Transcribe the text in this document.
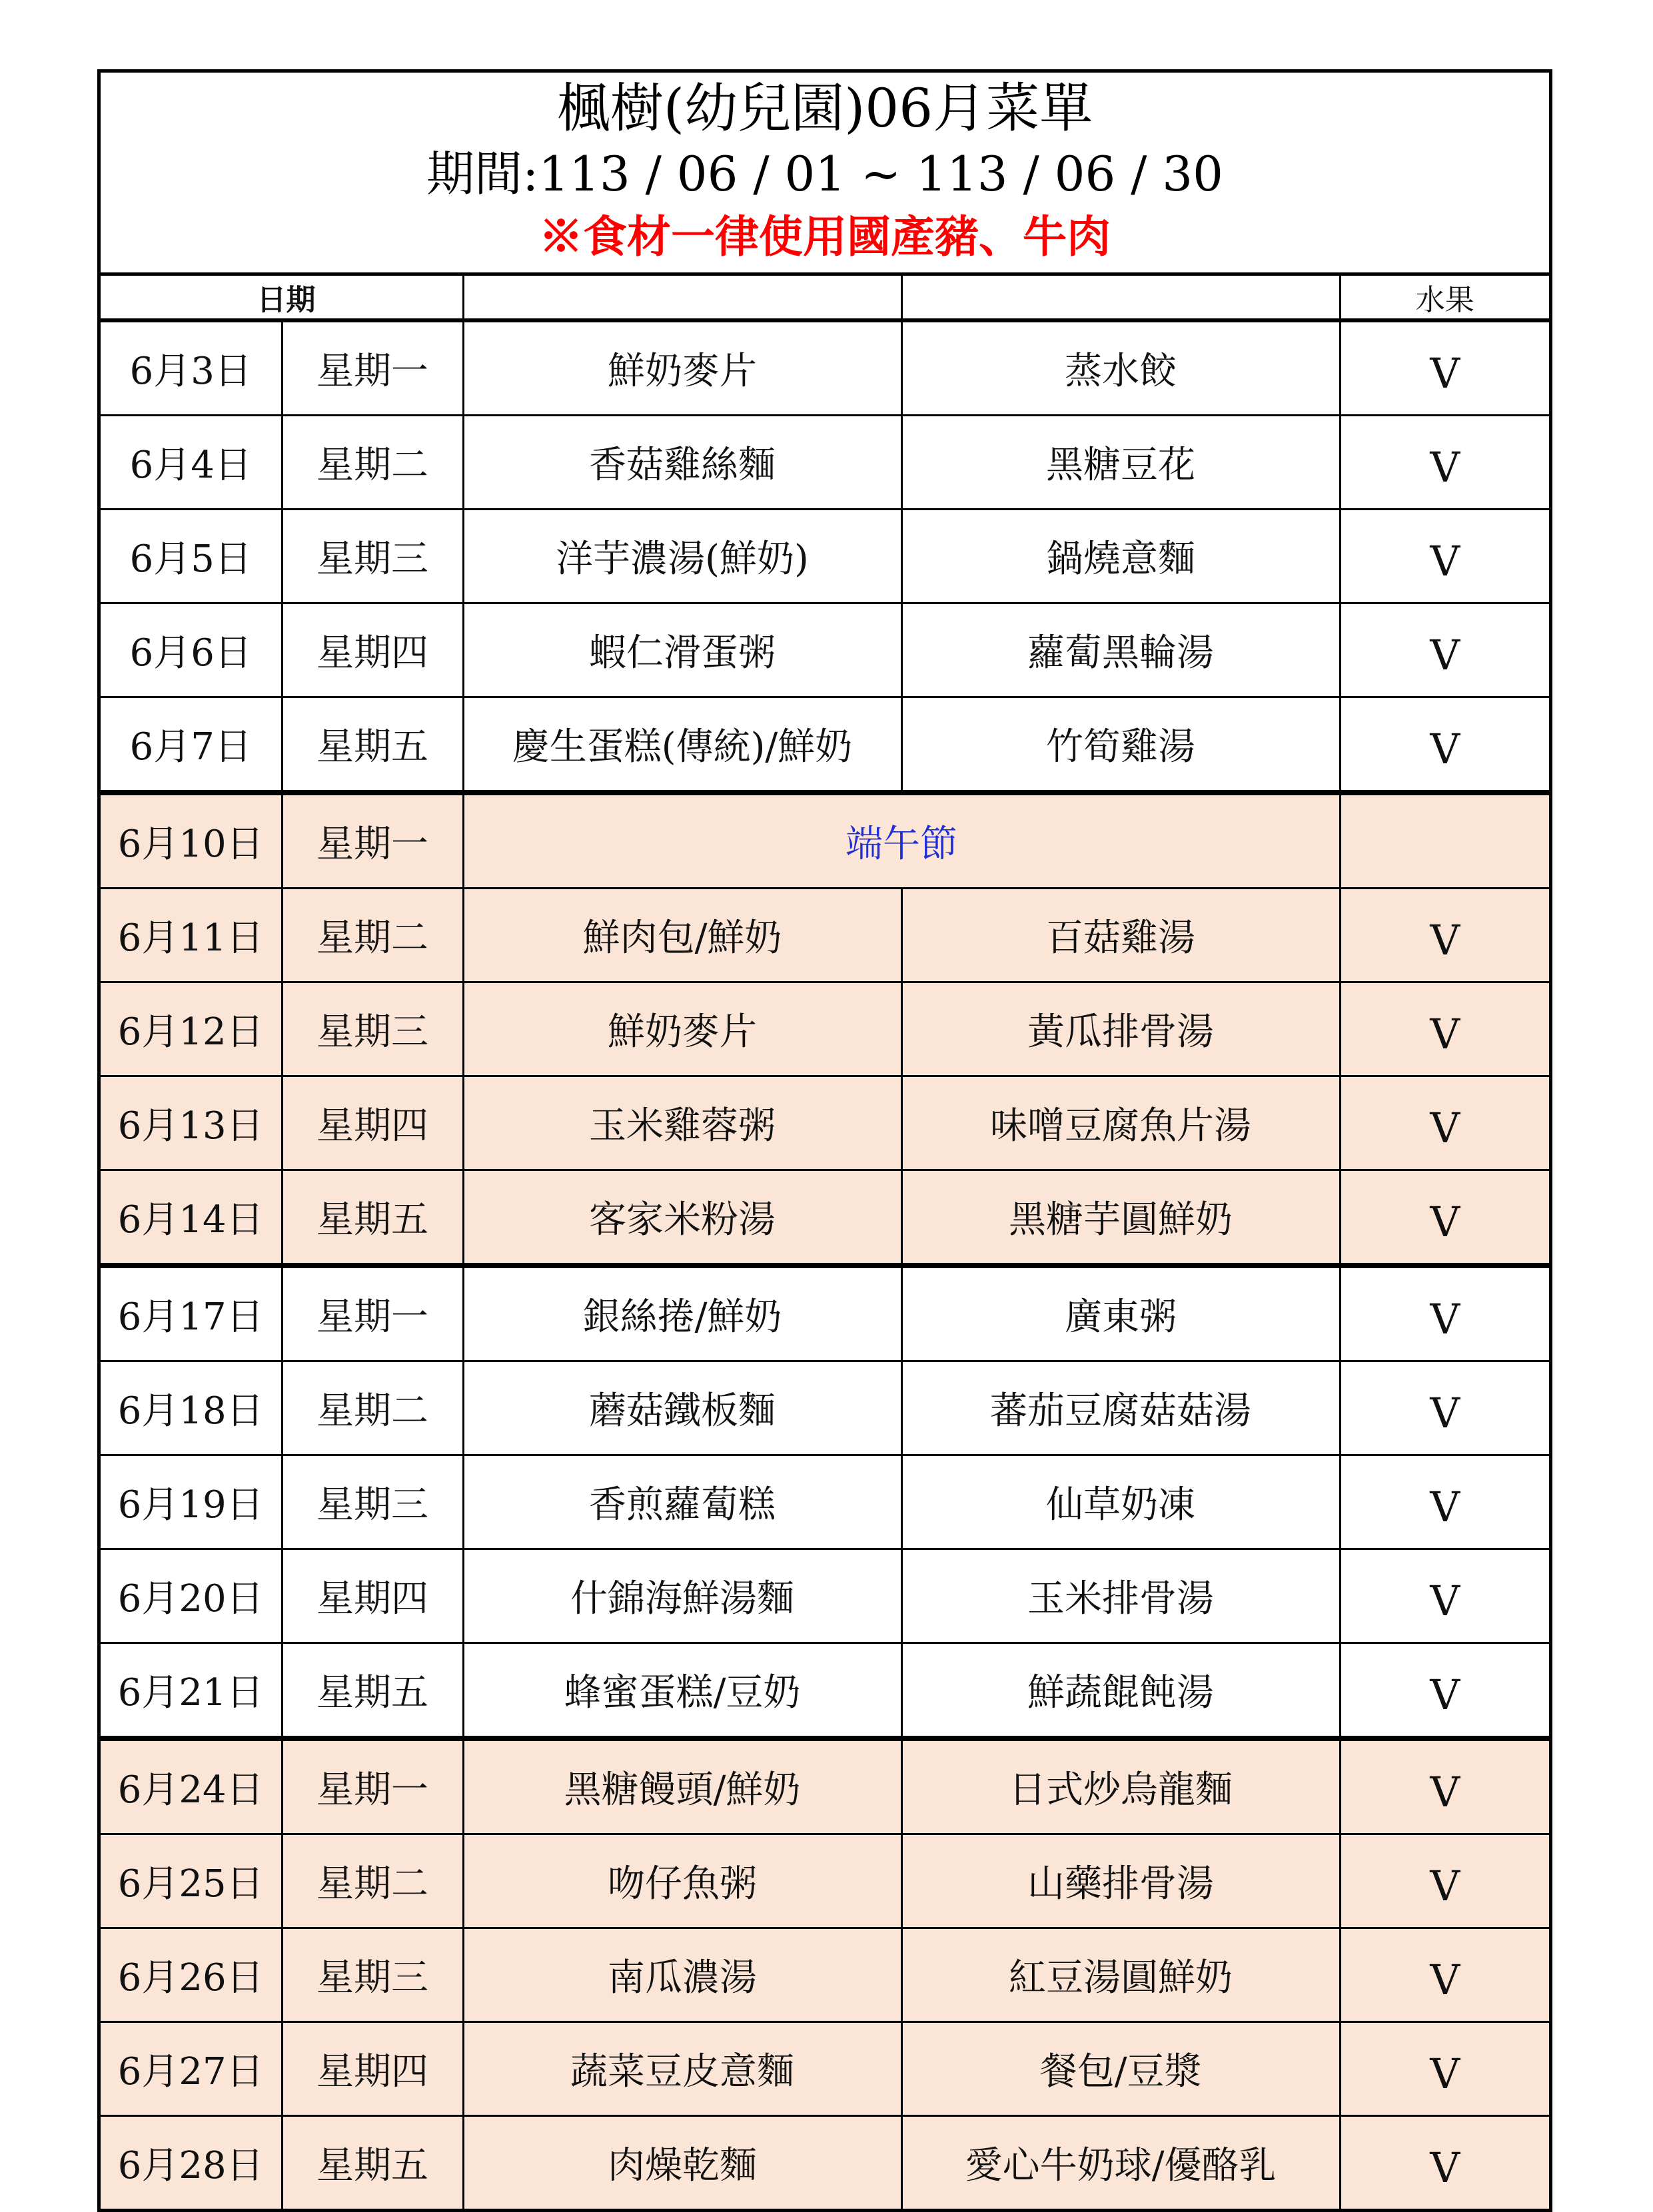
楓樹(幼兒園)06月菜單
期間:113 / 06 / 01 ~ 113 / 06 / 30
※食材一律使用國產豬、牛肉
日期				水果
6月3日	星期一	鮮奶麥片	蒸水餃	V
6月4日	星期二	香菇雞絲麵	黑糖豆花	V
6月5日	星期三	洋芋濃湯(鮮奶)	鍋燒意麵	V
6月6日	星期四	蝦仁滑蛋粥	蘿蔔黑輪湯	V
6月7日	星期五	慶生蛋糕(傳統)/鮮奶	竹筍雞湯	V
6月10日	星期一	端午節		
6月11日	星期二	鮮肉包/鮮奶	百菇雞湯	V
6月12日	星期三	鮮奶麥片	黃瓜排骨湯	V
6月13日	星期四	玉米雞蓉粥	味噌豆腐魚片湯	V
6月14日	星期五	客家米粉湯	黑糖芋圓鮮奶	V
6月17日	星期一	銀絲捲/鮮奶	廣東粥	V
6月18日	星期二	蘑菇鐵板麵	蕃茄豆腐菇菇湯	V
6月19日	星期三	香煎蘿蔔糕	仙草奶凍	V
6月20日	星期四	什錦海鮮湯麵	玉米排骨湯	V
6月21日	星期五	蜂蜜蛋糕/豆奶	鮮蔬餛飩湯	V
6月24日	星期一	黑糖饅頭/鮮奶	日式炒烏龍麵	V
6月25日	星期二	吻仔魚粥	山藥排骨湯	V
6月26日	星期三	南瓜濃湯	紅豆湯圓鮮奶	V
6月27日	星期四	蔬菜豆皮意麵	餐包/豆漿	V
6月28日	星期五	肉燥乾麵	愛心牛奶球/優酪乳	V
